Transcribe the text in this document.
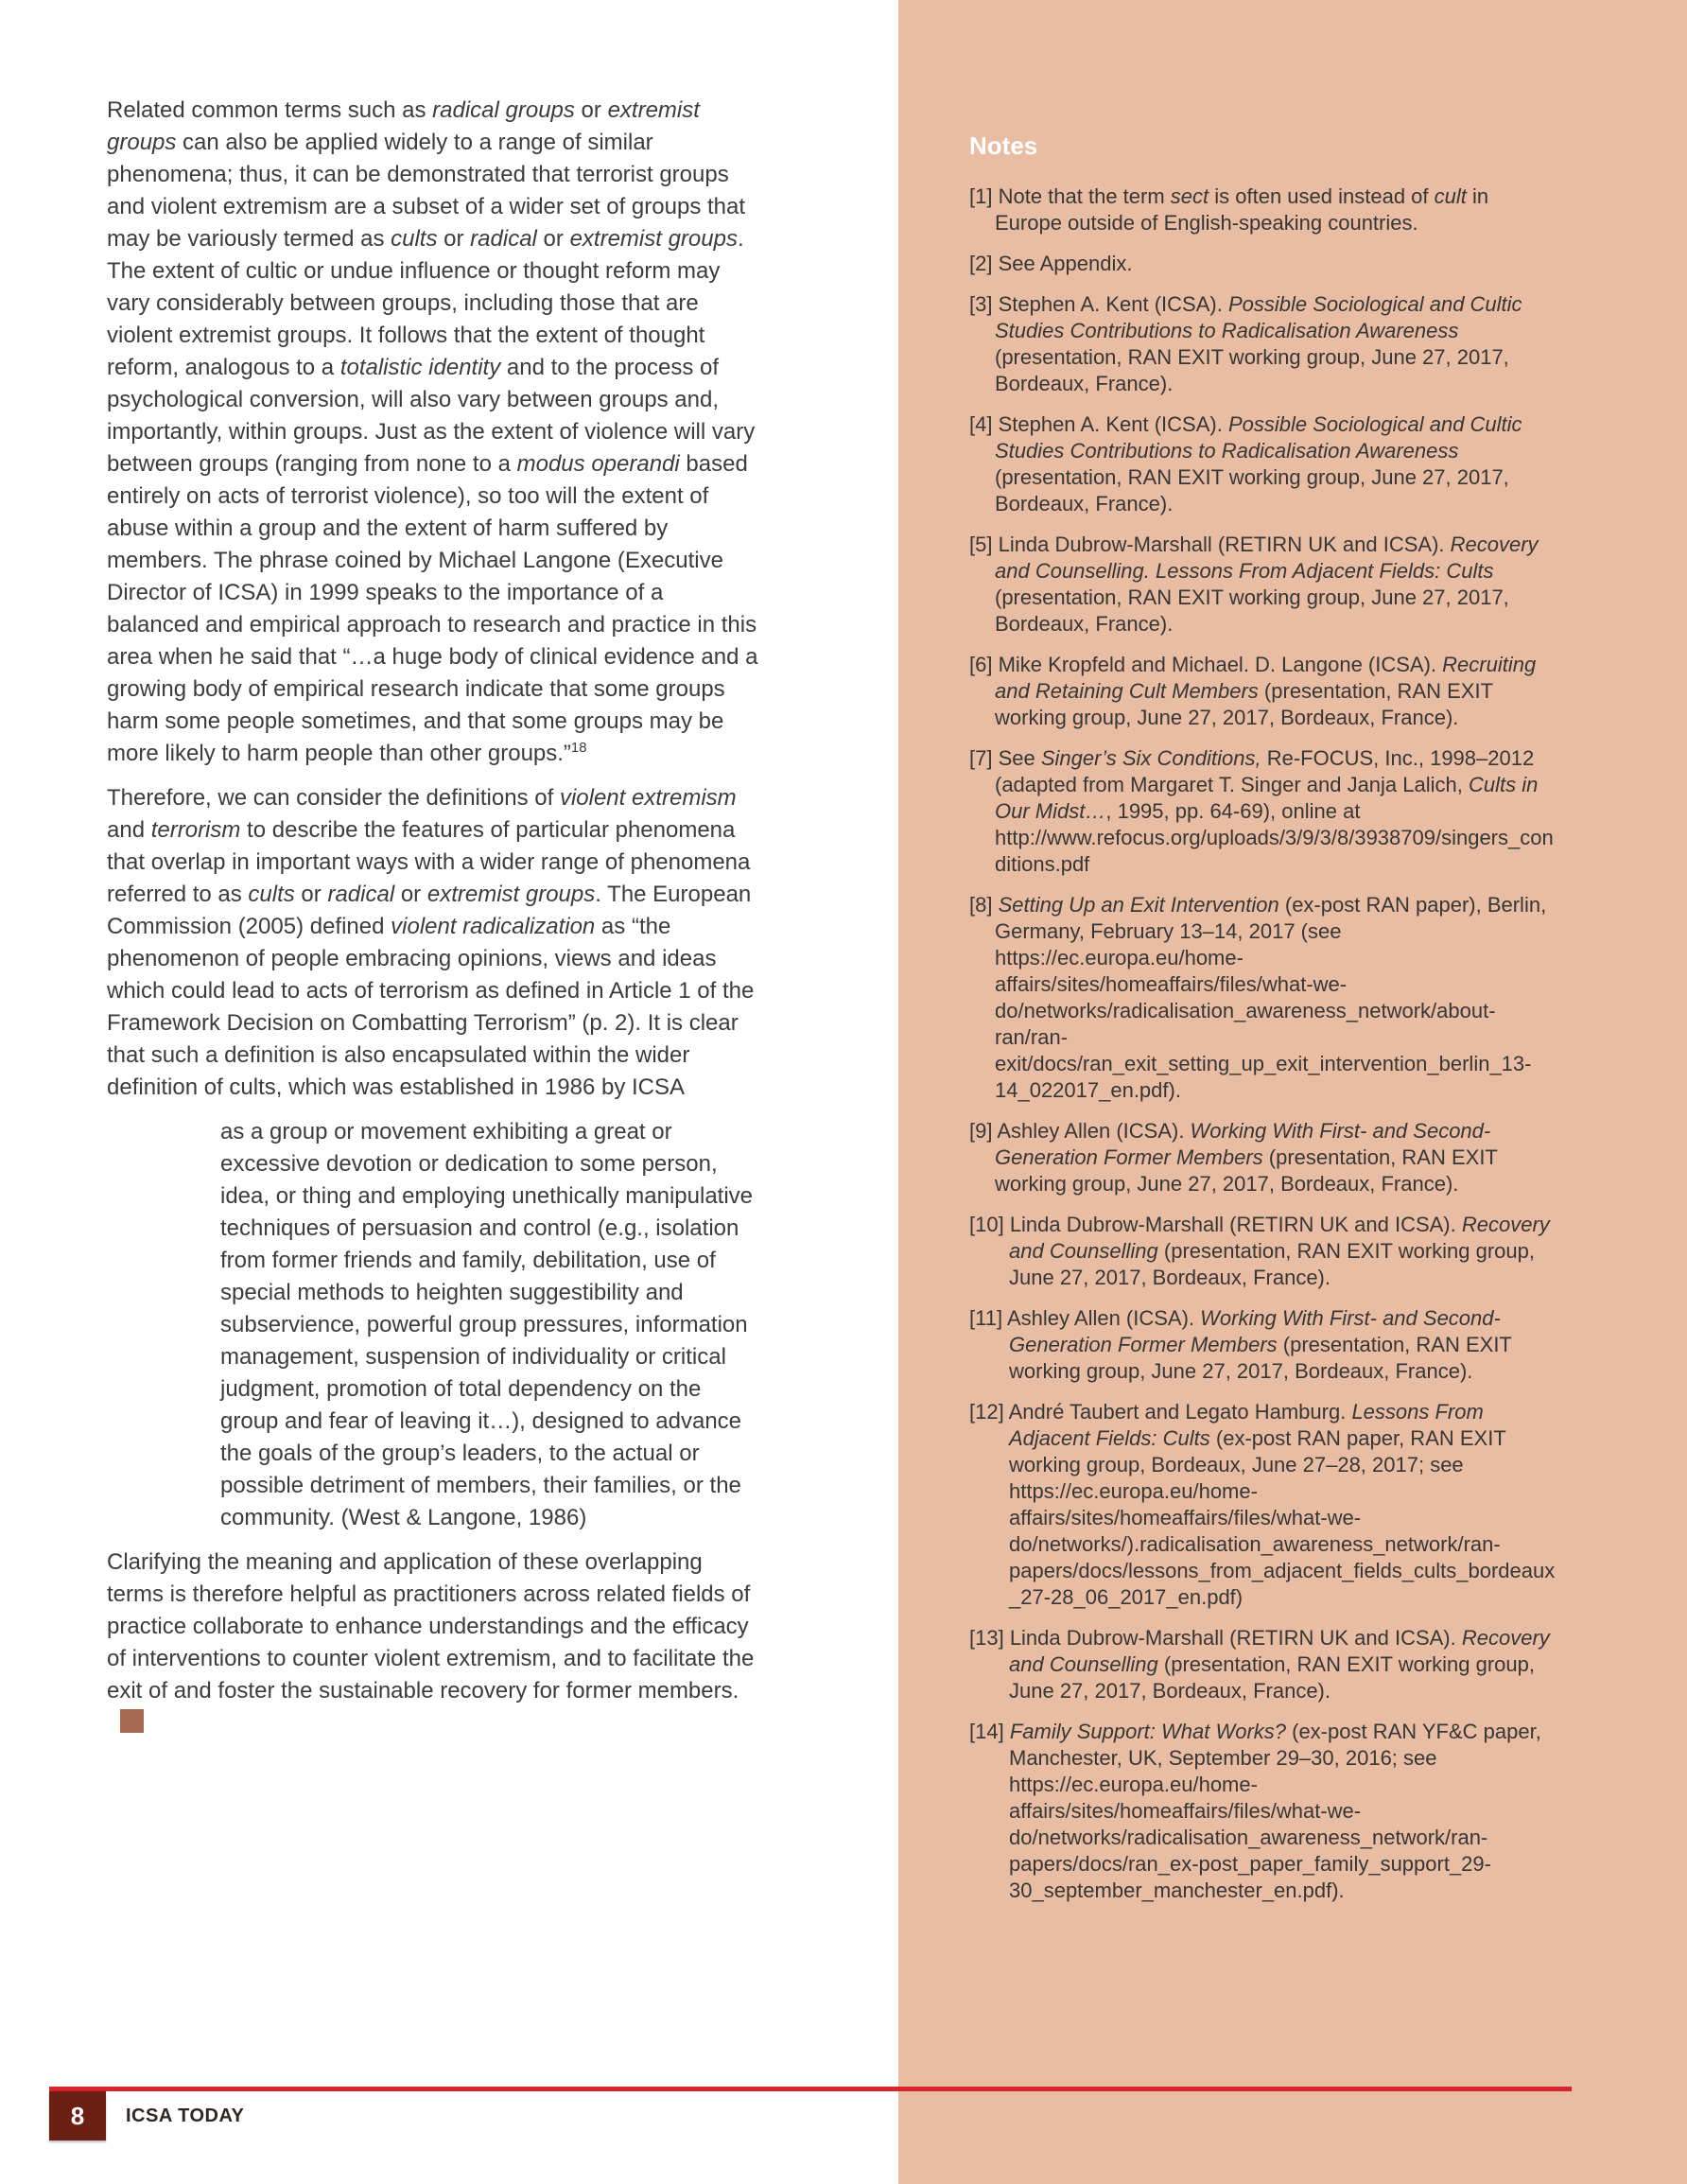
Related common terms such as radical groups or extremist groups can also be applied widely to a range of similar phenomena; thus, it can be demonstrated that terrorist groups and violent extremism are a subset of a wider set of groups that may be variously termed as cults or radical or extremist groups. The extent of cultic or undue influence or thought reform may vary considerably between groups, including those that are violent extremist groups. It follows that the extent of thought reform, analogous to a totalistic identity and to the process of psychological conversion, will also vary between groups and, importantly, within groups. Just as the extent of violence will vary between groups (ranging from none to a modus operandi based entirely on acts of terrorist violence), so too will the extent of abuse within a group and the extent of harm suffered by members. The phrase coined by Michael Langone (Executive Director of ICSA) in 1999 speaks to the importance of a balanced and empirical approach to research and practice in this area when he said that “…a huge body of clinical evidence and a growing body of empirical research indicate that some groups harm some people sometimes, and that some groups may be more likely to harm people than other groups.”$^{18}$

Therefore, we can consider the definitions of violent extremism and terrorism to describe the features of particular phenomena that overlap in important ways with a wider range of phenomena referred to as cults or radical or extremist groups. The European Commission (2005) defined violent radicalization as “the phenomenon of people embracing opinions, views and ideas which could lead to acts of terrorism as defined in Article 1 of the Framework Decision on Combatting Terrorism” (p. 2). It is clear that such a definition is also encapsulated within the wider definition of cults, which was established in 1986 by ICSA

as a group or movement exhibiting a great or excessive devotion or dedication to some person, idea, or thing and employing unethically manipulative techniques of persuasion and control (e.g., isolation from former friends and family, debilitation, use of special methods to heighten suggestibility and subservience, powerful group pressures, information management, suspension of individuality or critical judgment, promotion of total dependency on the group and fear of leaving it…), designed to advance the goals of the group’s leaders, to the actual or possible detriment of members, their families, or the community. (West & Langone, 1986)

Clarifying the meaning and application of these overlapping terms is therefore helpful as practitioners across related fields of practice collaborate to enhance understandings and the efficacy of interventions to counter violent extremism, and to facilitate the exit of and foster the sustainable recovery for former members.

Notes
[1] Note that the term sect is often used instead of cult in Europe outside of English-speaking countries.
[2] See Appendix.
[3] Stephen A. Kent (ICSA). Possible Sociological and Cultic Studies Contributions to Radicalisation Awareness (presentation, RAN EXIT working group, June 27, 2017, Bordeaux, France).
[4] Stephen A. Kent (ICSA). Possible Sociological and Cultic Studies Contributions to Radicalisation Awareness (presentation, RAN EXIT working group, June 27, 2017, Bordeaux, France).
[5] Linda Dubrow-Marshall (RETIRN UK and ICSA). Recovery and Counselling. Lessons From Adjacent Fields: Cults (presentation, RAN EXIT working group, June 27, 2017, Bordeaux, France).
[6] Mike Kropfeld and Michael. D. Langone (ICSA). Recruiting and Retaining Cult Members (presentation, RAN EXIT working group, June 27, 2017, Bordeaux, France).
[7] See Singer’s Six Conditions, Re-FOCUS, Inc., 1998–2012 (adapted from Margaret T. Singer and Janja Lalich, Cults in Our Midst…, 1995, pp. 64-69), online at http://www.refocus.org/uploads/3/9/3/8/3938709/singers_conditions.pdf
[8] Setting Up an Exit Intervention (ex-post RAN paper), Berlin, Germany, February 13–14, 2017 (see https://ec.europa.eu/home-affairs/sites/homeaffairs/files/what-we-do/networks/radicalisation_awareness_network/about-ran/ran-exit/docs/ran_exit_setting_up_exit_intervention_berlin_13-14_022017_en.pdf).
[9] Ashley Allen (ICSA). Working With First- and Second-Generation Former Members (presentation, RAN EXIT working group, June 27, 2017, Bordeaux, France).
[10] Linda Dubrow-Marshall (RETIRN UK and ICSA). Recovery and Counselling (presentation, RAN EXIT working group, June 27, 2017, Bordeaux, France).
[11] Ashley Allen (ICSA). Working With First- and Second-Generation Former Members (presentation, RAN EXIT working group, June 27, 2017, Bordeaux, France).
[12] André Taubert and Legato Hamburg. Lessons From Adjacent Fields: Cults (ex-post RAN paper, RAN EXIT working group, Bordeaux, June 27–28, 2017; see https://ec.europa.eu/home-affairs/sites/homeaffairs/files/what-we-do/networks/).radicalisation_awareness_network/ran-papers/docs/lessons_from_adjacent_fields_cults_bordeaux_27-28_06_2017_en.pdf)
[13] Linda Dubrow-Marshall (RETIRN UK and ICSA). Recovery and Counselling (presentation, RAN EXIT working group, June 27, 2017, Bordeaux, France).
[14] Family Support: What Works? (ex-post RAN YF&C paper, Manchester, UK, September 29–30, 2016; see https://ec.europa.eu/home-affairs/sites/homeaffairs/files/what-we-do/networks/radicalisation_awareness_network/ran-papers/docs/ran_ex-post_paper_family_support_29-30_september_manchester_en.pdf).
8 ICSA TODAY
